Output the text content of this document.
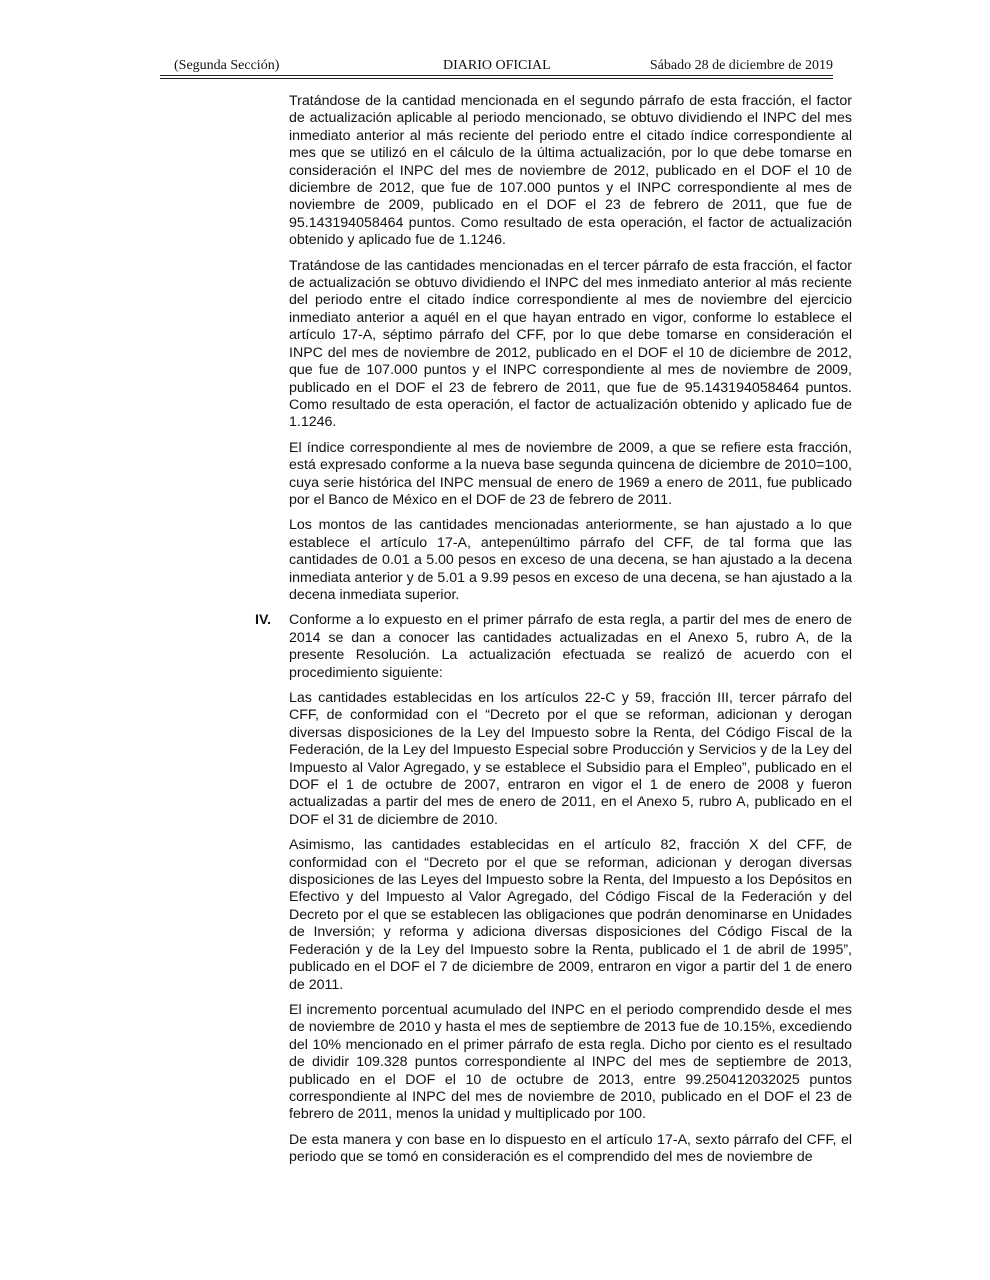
(Segunda Sección)	DIARIO OFICIAL	Sábado 28 de diciembre de 2019
IV.

Tratándose de la cantidad mencionada en el segundo párrafo de esta fracción, el factor de actualización aplicable al periodo mencionado, se obtuvo dividiendo el INPC del mes inmediato anterior al más reciente del periodo entre el citado índice correspondiente al mes que se utilizó en el cálculo de la última actualización, por lo que debe tomarse en consideración el INPC del mes de noviembre de 2012, publicado en el DOF el 10 de diciembre de 2012, que fue de 107.000 puntos y el INPC correspondiente al mes de noviembre de 2009, publicado en el DOF el 23 de febrero de 2011, que fue de 95.143194058464 puntos. Como resultado de esta operación, el factor de actualización obtenido y aplicado fue de 1.1246.

Tratándose de las cantidades mencionadas en el tercer párrafo de esta fracción, el factor de actualización se obtuvo dividiendo el INPC del mes inmediato anterior al más reciente del periodo entre el citado índice correspondiente al mes de noviembre del ejercicio inmediato anterior a aquél en el que hayan entrado en vigor, conforme lo establece el artículo 17-A, séptimo párrafo del CFF, por lo que debe tomarse en consideración el INPC del mes de noviembre de 2012, publicado en el DOF el 10 de diciembre de 2012, que fue de 107.000 puntos y el INPC correspondiente al mes de noviembre de 2009, publicado en el DOF el 23 de febrero de 2011, que fue de 95.143194058464 puntos. Como resultado de esta operación, el factor de actualización obtenido y aplicado fue de 1.1246.

El índice correspondiente al mes de noviembre de 2009, a que se refiere esta fracción, está expresado conforme a la nueva base segunda quincena de diciembre de 2010=100, cuya serie histórica del INPC mensual de enero de 1969 a enero de 2011, fue publicado por el Banco de México en el DOF de 23 de febrero de 2011.

Los montos de las cantidades mencionadas anteriormente, se han ajustado a lo que establece el artículo 17-A, antepenúltimo párrafo del CFF, de tal forma que las cantidades de 0.01 a 5.00 pesos en exceso de una decena, se han ajustado a la decena inmediata anterior y de 5.01 a 9.99 pesos en exceso de una decena, se han ajustado a la decena inmediata superior.

Conforme a lo expuesto en el primer párrafo de esta regla, a partir del mes de enero de 2014 se dan a conocer las cantidades actualizadas en el Anexo 5, rubro A, de la presente Resolución. La actualización efectuada se realizó de acuerdo con el procedimiento siguiente:

Las cantidades establecidas en los artículos 22-C y 59, fracción III, tercer párrafo del CFF, de conformidad con el “Decreto por el que se reforman, adicionan y derogan diversas disposiciones de la Ley del Impuesto sobre la Renta, del Código Fiscal de la Federación, de la Ley del Impuesto Especial sobre Producción y Servicios y de la Ley del Impuesto al Valor Agregado, y se establece el Subsidio para el Empleo”, publicado en el DOF el 1 de octubre de 2007, entraron en vigor el 1 de enero de 2008 y fueron actualizadas a partir del mes de enero de 2011, en el Anexo 5, rubro A, publicado en el DOF el 31 de diciembre de 2010.

Asimismo, las cantidades establecidas en el artículo 82, fracción X del CFF, de conformidad con el “Decreto por el que se reforman, adicionan y derogan diversas disposiciones de las Leyes del Impuesto sobre la Renta, del Impuesto a los Depósitos en Efectivo y del Impuesto al Valor Agregado, del Código Fiscal de la Federación y del Decreto por el que se establecen las obligaciones que podrán denominarse en Unidades de Inversión; y reforma y adiciona diversas disposiciones del Código Fiscal de la Federación y de la Ley del Impuesto sobre la Renta, publicado el 1 de abril de 1995”, publicado en el DOF el 7 de diciembre de 2009, entraron en vigor a partir del 1 de enero de 2011.

El incremento porcentual acumulado del INPC en el periodo comprendido desde el mes de noviembre de 2010 y hasta el mes de septiembre de 2013 fue de 10.15%, excediendo del 10% mencionado en el primer párrafo de esta regla. Dicho por ciento es el resultado de dividir 109.328 puntos correspondiente al INPC del mes de septiembre de 2013, publicado en el DOF el 10 de octubre de 2013, entre 99.250412032025 puntos correspondiente al INPC del mes de noviembre de 2010, publicado en el DOF el 23 de febrero de 2011, menos la unidad y multiplicado por 100.

De esta manera y con base en lo dispuesto en el artículo 17-A, sexto párrafo del CFF, el periodo que se tomó en consideración es el comprendido del mes de noviembre de
